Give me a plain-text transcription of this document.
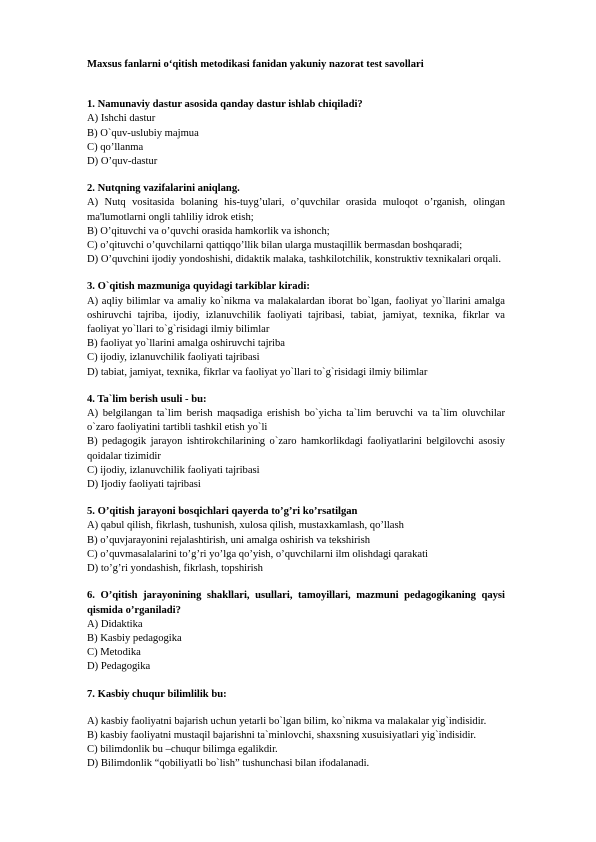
Maxsus fanlarni o‘qitish metodikasi fanidan yakuniy nazorat test savollari
1. Namunaviy dastur asosida qanday dastur ishlab chiqiladi?
A) Ishchi dastur
B) O`quv-uslubiy majmua
C) qo’llanma
D) O’quv-dastur
2. Nutqning vazifalarini aniqlang.
A) Nutq vositasida bolaning his-tuyg’ulari, o’quvchilar orasida muloqot o’rganish, olingan ma'lumotlarni ongli tahliliy idrok etish;
B) O’qituvchi va o’quvchi orasida hamkorlik va ishonch;
C) o’qituvchi o’quvchilarni qattiqqo’llik bilan ularga mustaqillik bermasdan boshqaradi;
D) O’quvchini ijodiy yondoshishi, didaktik malaka, tashkilotchilik, konstruktiv texnikalari orqali.
3. O`qitish mazmuniga quyidagi tarkiblar kiradi:
A) aqliy bilimlar va amaliy ko`nikma va malakalardan iborat bo`lgan, faoliyat yo`llarini amalga oshiruvchi tajriba, ijodiy, izlanuvchilik faoliyati tajribasi, tabiat, jamiyat, texnika, fikrlar va faoliyat yo`llari to`g`risidagi ilmiy bilimlar
B) faoliyat yo`llarini amalga oshiruvchi tajriba
C) ijodiy, izlanuvchilik faoliyati tajribasi
D) tabiat, jamiyat, texnika, fikrlar va faoliyat yo`llari to`g`risidagi ilmiy bilimlar
4. Ta`lim berish usuli - bu:
A) belgilangan ta`lim berish maqsadiga erishish bo`yicha ta`lim beruvchi va ta`lim oluvchilar o`zaro faoliyatini tartibli tashkil etish yo`li
B) pedagogik jarayon ishtirokchilarining o`zaro hamkorlikdagi faoliyatlarini belgilovchi asosiy qoidalar tizimidir
C) ijodiy, izlanuvchilik faoliyati tajribasi
D) Ijodiy faoliyati tajribasi
5. O’qitish jarayoni bosqichlari qayerda to’g’ri ko’rsatilgan
A) qabul qilish, fikrlash, tushunish, xulosa qilish, mustaxkamlash, qo’llash
B) o’quvjarayonini rejalashtirish, uni amalga oshirish va tekshirish
C) o’quvmasalalarini to’g’ri yo’lga qo’yish, o’quvchilarni ilm olishdagi qarakati
D) to’g’ri yondashish, fikrlash, topshirish
6. O’qitish jarayonining shakllari, usullari, tamoyillari, mazmuni pedagogikaning qaysi qismida o’rganiladi?
A) Didaktika
B) Kasbiy pedagogika
C) Metodika
D) Pedagogika
7. Kasbiy chuqur bilimlilik bu:
A) kasbiy faoliyatni bajarish uchun yetarli bo`lgan bilim, ko`nikma va malakalar yig`indisidir.
B) kasbiy faoliyatni mustaqil bajarishni ta`minlovchi, shaxsning xusuisiyatlari yig`indisidir.
C) bilimdonlik bu –chuqur bilimga egalikdir.
D) Bilimdonlik “qobiliyatli bo`lish” tushunchasi bilan ifodalanadi.
